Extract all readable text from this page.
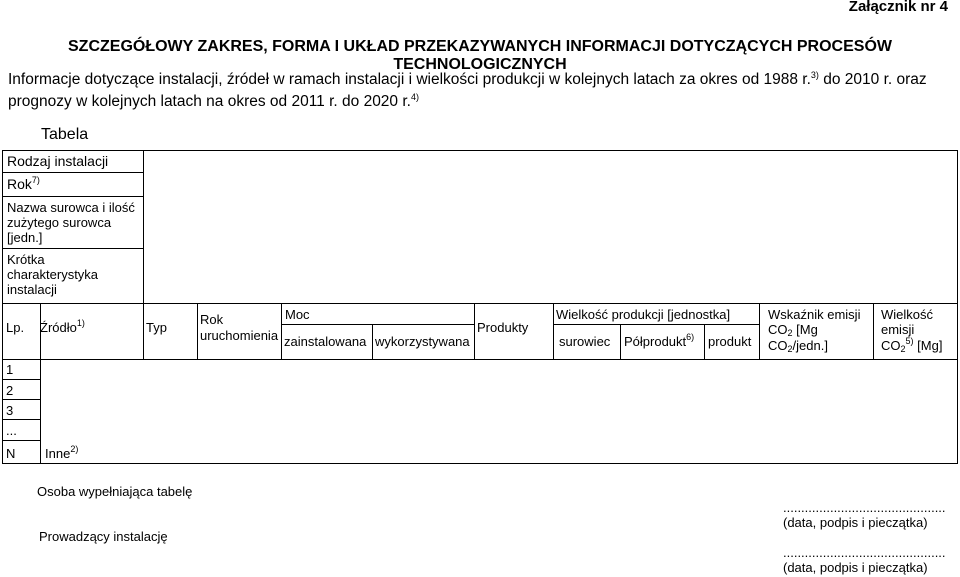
Załącznik nr 4
SZCZEGÓŁOWY ZAKRES, FORMA I UKŁAD PRZEKAZYWANYCH INFORMACJI DOTYCZĄCYCH PROCESÓW
TECHNOLOGICZNYCH
Informacje dotyczące instalacji, źródeł w ramach instalacji i wielkości produkcji w kolejnych latach za okres od 1988 r.$^{3)}$ do 2010 r. oraz prognozy w kolejnych latach na okres od 2011 r. do 2020 r.$^{4)}$
Tabela
Rodzaj instalacji
Rok$^{7)}$
Nazwa surowca i ilość zużytego surowca [jedn.]
Krótka charakterystyka instalacji
Lp. Źródło$^{1)}$	Typ
Rok
uruchomienia
Moc
zainstalowana wykorzystywana
Produkty
Wielkość produkcji [jednostka]
surowiec Półprodukt$^{6)}$ produkt
Wskaźnik emisji
$CO_2$ [Mg
$CO_2/jedn$.]
Wielkość
emisji
$CO_2^{5)}$ [Mg]
1
2
3
...
N Inne$^{2)}$
Osoba wypełniająca tabelę
Prowadzący instalację
.............................................
(data, podpis i pieczątka)
.............................................
(data, podpis i pieczątka)
